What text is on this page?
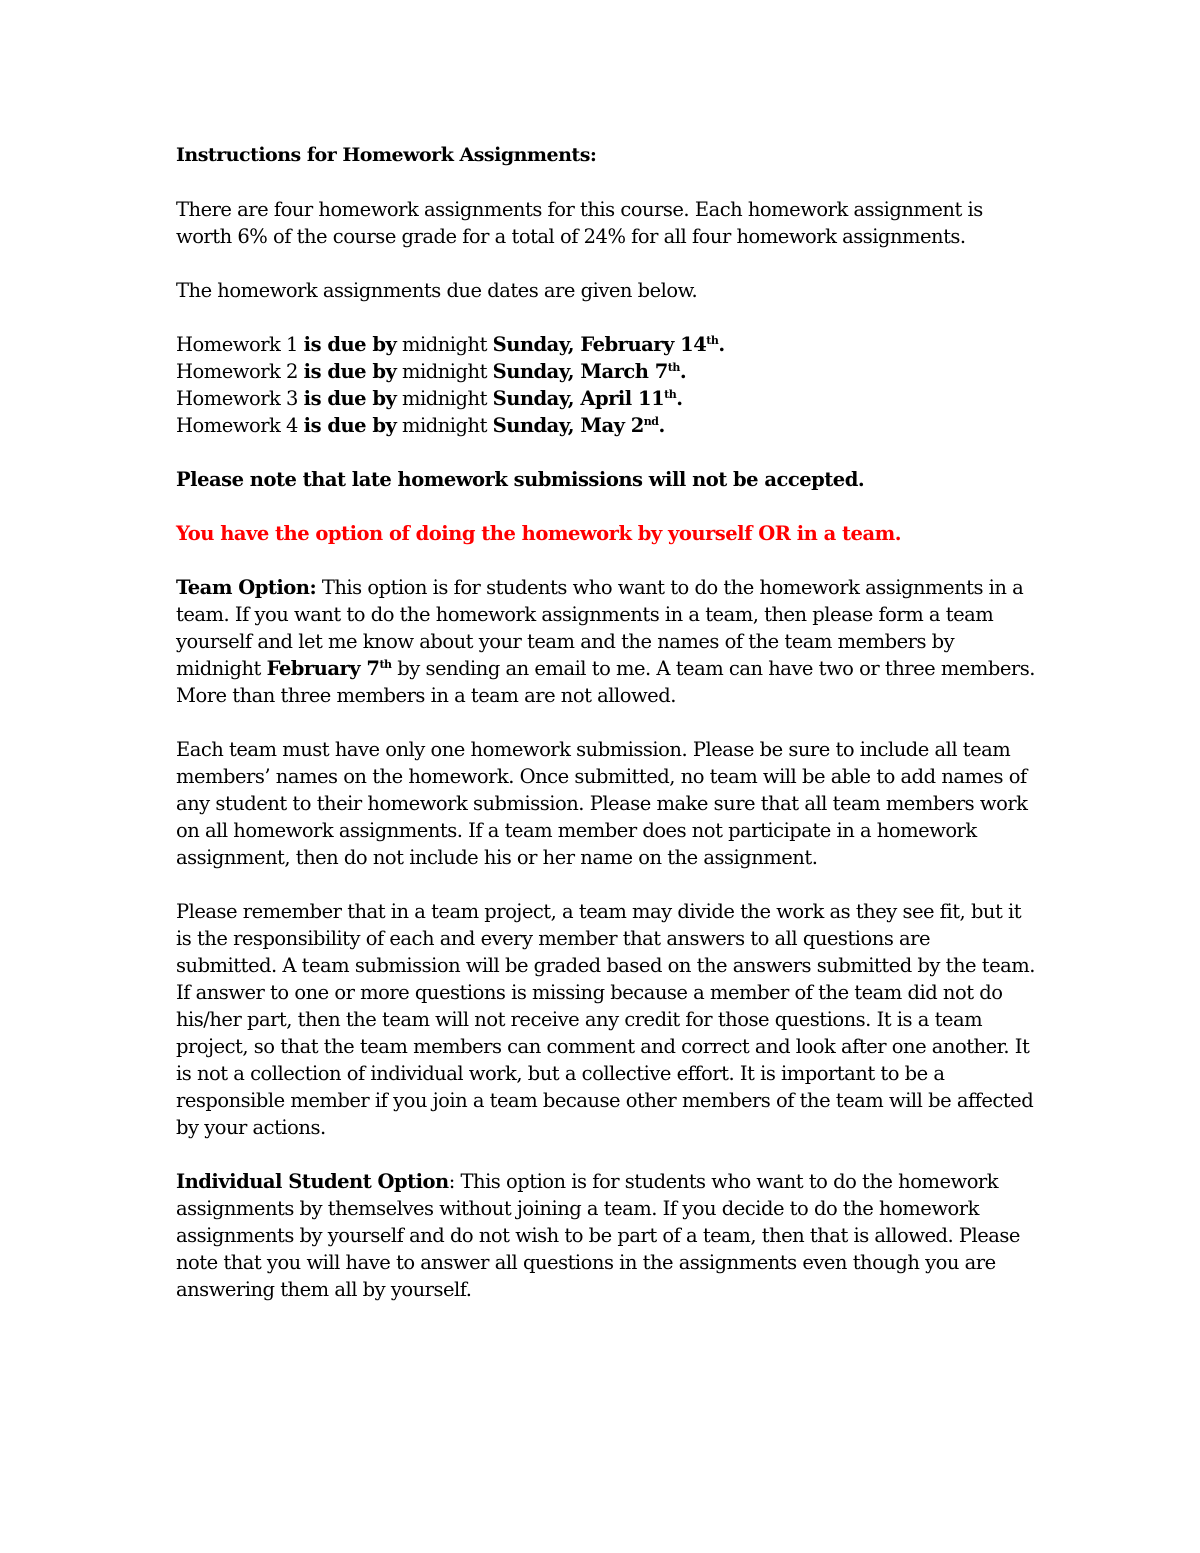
Instructions for Homework Assignments:

There are four homework assignments for this course. Each homework assignment is worth 6% of the course grade for a total of 24% for all four homework assignments.

The homework assignments due dates are given below.

Homework 1 is due by midnight Sunday, February 14th.
Homework 2 is due by midnight Sunday, March 7th.
Homework 3 is due by midnight Sunday, April 11th.
Homework 4 is due by midnight Sunday, May 2nd.

Please note that late homework submissions will not be accepted.

You have the option of doing the homework by yourself OR in a team.

Team Option: This option is for students who want to do the homework assignments in a team. If you want to do the homework assignments in a team, then please form a team yourself and let me know about your team and the names of the team members by midnight February 7th by sending an email to me. A team can have two or three members. More than three members in a team are not allowed.

Each team must have only one homework submission. Please be sure to include all team members’ names on the homework. Once submitted, no team will be able to add names of any student to their homework submission. Please make sure that all team members work on all homework assignments. If a team member does not participate in a homework assignment, then do not include his or her name on the assignment.

Please remember that in a team project, a team may divide the work as they see fit, but it is the responsibility of each and every member that answers to all questions are submitted. A team submission will be graded based on the answers submitted by the team. If answer to one or more questions is missing because a member of the team did not do his/her part, then the team will not receive any credit for those questions. It is a team project, so that the team members can comment and correct and look after one another. It is not a collection of individual work, but a collective effort. It is important to be a responsible member if you join a team because other members of the team will be affected by your actions.

Individual Student Option: This option is for students who want to do the homework assignments by themselves without joining a team. If you decide to do the homework assignments by yourself and do not wish to be part of a team, then that is allowed. Please note that you will have to answer all questions in the assignments even though you are answering them all by yourself.
